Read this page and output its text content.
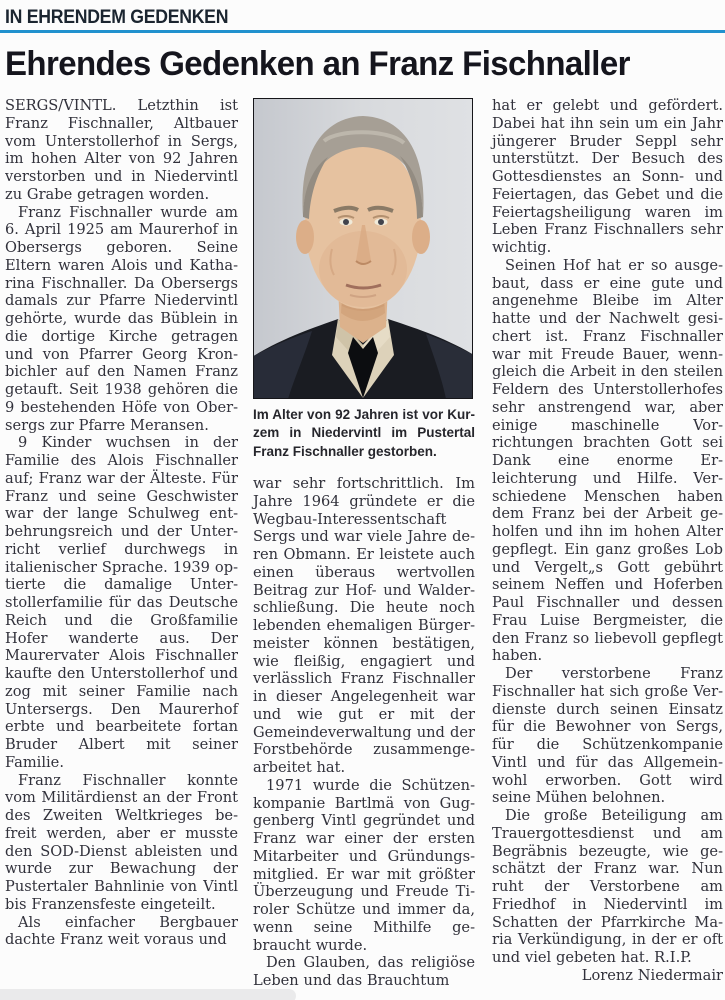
IN EHRENDEM GEDENKEN
Ehrendes Gedenken an Franz Fischnaller

SERGS/VINTL. Letzthin ist Franz Fischnaller, Altbauer vom Unterstollerhof in Sergs, im hohen Alter von 92 Jahren verstorben und in Niedervintl zu Grabe getragen worden.

Franz Fischnaller wurde am 6. April 1925 am Maurerhof in Obersergs geboren. Seine Eltern waren Alois und Katharina Fischnaller. Da Obersergs damals zur Pfarre Niedervintl gehörte, wurde das Büblein in die dortige Kirche getragen und von Pfarrer Georg Kronbichler auf den Namen Franz getauft. Seit 1938 gehören die 9 bestehenden Höfe von Obersergs zur Pfarre Meransen.

9 Kinder wuchsen in der Familie des Alois Fischnaller auf; Franz war der Älteste. Für Franz und seine Geschwister war der lange Schulweg entbehrungsreich und der Unterricht verlief durchwegs in italienischer Sprache. 1939 optierte die damalige Unterstollerfamilie für das Deutsche Reich und die Großfamilie Hofer wanderte aus. Der Maurervater Alois Fischnaller kaufte den Unterstollerhof und zog mit seiner Familie nach Untersergs. Den Maurerhof erbte und bearbeitete fortan Bruder Albert mit seiner Familie.

Franz Fischnaller konnte vom Militärdienst an der Front des Zweiten Weltkrieges befreit werden, aber er musste den SOD-Dienst ableisten und wurde zur Bewachung der Pustertaler Bahnlinie von Vintl bis Franzensfeste eingeteilt.

Als einfacher Bergbauer dachte Franz weit voraus und

Im Alter von 92 Jahren ist vor Kurzem in Niedervintl im Pustertal Franz Fischnaller gestorben.

war sehr fortschrittlich. Im Jahre 1964 gründete er die Wegbau-Interessentschaft Sergs und war viele Jahre deren Obmann. Er leistete auch einen überaus wertvollen Beitrag zur Hof- und Walderschließung. Die heute noch lebenden ehemaligen Bürgermeister können bestätigen, wie fleißig, engagiert und verlässlich Franz Fischnaller in dieser Angelegenheit war und wie gut er mit der Gemeindeverwaltung und der Forstbehörde zusammengearbeitet hat.

1971 wurde die Schützenkompanie Bartlmä von Guggenberg Vintl gegründet und Franz war einer der ersten Mitarbeiter und Gründungsmitglied. Er war mit größter Überzeugung und Freude Tiroler Schütze und immer da, wenn seine Mithilfe gebraucht wurde.

Den Glauben, das religiöse Leben und das Brauchtum

hat er gelebt und gefördert. Dabei hat ihn sein um ein Jahr jüngerer Bruder Seppl sehr unterstützt. Der Besuch des Gottesdienstes an Sonn- und Feiertagen, das Gebet und die Feiertagsheiligung waren im Leben Franz Fischnallers sehr wichtig.

Seinen Hof hat er so ausgebaut, dass er eine gute und angenehme Bleibe im Alter hatte und der Nachwelt gesichert ist. Franz Fischnaller war mit Freude Bauer, wenngleich die Arbeit in den steilen Feldern des Unterstollerhofes sehr anstrengend war, aber einige maschinelle Vorrichtungen brachten Gott sei Dank eine enorme Erleichterung und Hilfe. Verschiedene Menschen haben dem Franz bei der Arbeit geholfen und ihn im hohen Alter gepflegt. Ein ganz großes Lob und Vergelt„s Gott gebührt seinem Neffen und Hoferben Paul Fischnaller und dessen Frau Luise Bergmeister, die den Franz so liebevoll gepflegt haben.

Der verstorbene Franz Fischnaller hat sich große Verdienste durch seinen Einsatz für die Bewohner von Sergs, für die Schützenkompanie Vintl und für das Allgemeinwohl erworben. Gott wird seine Mühen belohnen.

Die große Beteiligung am Trauergottesdienst und am Begräbnis bezeugte, wie geschätzt der Franz war. Nun ruht der Verstorbene am Friedhof in Niedervintl im Schatten der Pfarrkirche Maria Verkündigung, in der er oft und viel gebeten hat. R.I.P.

Lorenz Niedermair
